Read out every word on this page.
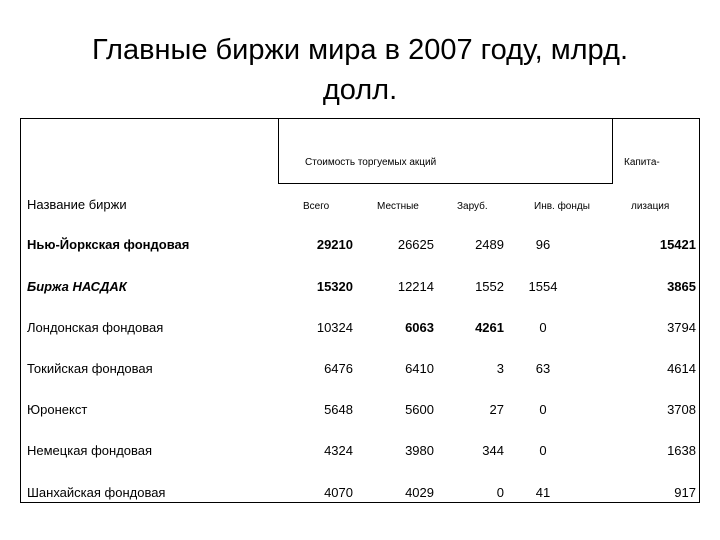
Главные биржи мира в 2007 году, млрд.
долл.
Стоимость торгуемых акций	Капита-
Название биржи	Всего	Местные	Заруб.	Инв. фонды	лизация
Нью-Йоркская фондовая	29210	26625	2489	96	15421
Биржа НАСДАК	15320	12214	1552	1554	3865
Лондонская фондовая	10324	6063	4261	0	3794
Токийская фондовая	6476	6410	3	63	4614
Юронекст	5648	5600	27	0	3708
Немецкая фондовая	4324	3980	344	0	1638
Шанхайская фондовая	4070	4029	0	41	917
